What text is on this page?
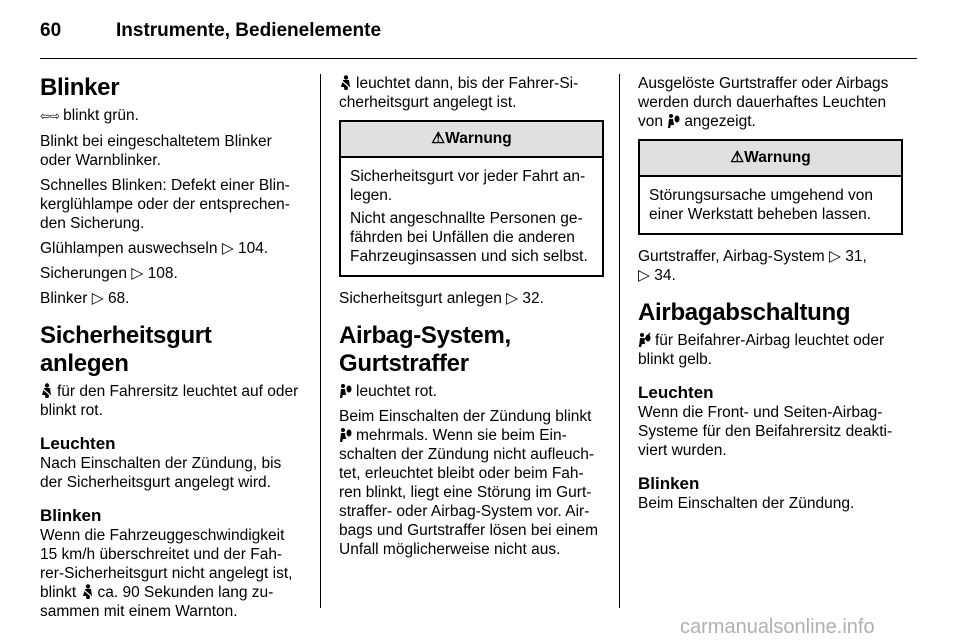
60	Instrumente, Bedienelemente
Blinker

⇦⇨ blinkt grün.

Blinkt bei eingeschaltetem Blinker oder Warnblinker.

Schnelles Blinken: Defekt einer Blin-kerglühlampe oder der entsprechen-den Sicherung.

Glühlampen auswechseln ▷ 104.

Sicherungen ▷ 108.

Blinker ▷ 68.

Sicherheitsgurt anlegen

für den Fahrersitz leuchtet auf oder blinkt rot.

Leuchten

Nach Einschalten der Zündung, bis der Sicherheitsgurt angelegt wird.

Blinken

Wenn die Fahrzeuggeschwindigkeit 15 km/h überschreitet und der Fah-rer-Sicherheitsgurt nicht angelegt ist, blinkt ca. 90 Sekunden lang zu-sammen mit einem Warnton.

leuchtet dann, bis der Fahrer-Si-cherheitsgurt angelegt ist.

⚠Warnung

Sicherheitsgurt vor jeder Fahrt an-legen.

Nicht angeschnallte Personen ge-fährden bei Unfällen die anderen Fahrzeuginsassen und sich selbst.

Sicherheitsgurt anlegen ▷ 32.

Airbag-System, Gurtstraffer

leuchtet rot.

Beim Einschalten der Zündung blinkt mehrmals. Wenn sie beim Ein-schalten der Zündung nicht aufleuch-tet, erleuchtet bleibt oder beim Fah-ren blinkt, liegt eine Störung im Gurt-straffer- oder Airbag-System vor. Air-bags und Gurtstraffer lösen bei einem Unfall möglicherweise nicht aus.

Ausgelöste Gurtstraffer oder Airbags werden durch dauerhaftes Leuchten von angezeigt.

⚠Warnung

Störungsursache umgehend von einer Werkstatt beheben lassen.

Gurtstraffer, Airbag-System ▷ 31,
▷ 34.

Airbagabschaltung

für Beifahrer-Airbag leuchtet oder blinkt gelb.

Leuchten

Wenn die Front- und Seiten-Airbag-Systeme für den Beifahrersitz deakti-viert wurden.

Blinken

Beim Einschalten der Zündung.

carmanualsonline.info
